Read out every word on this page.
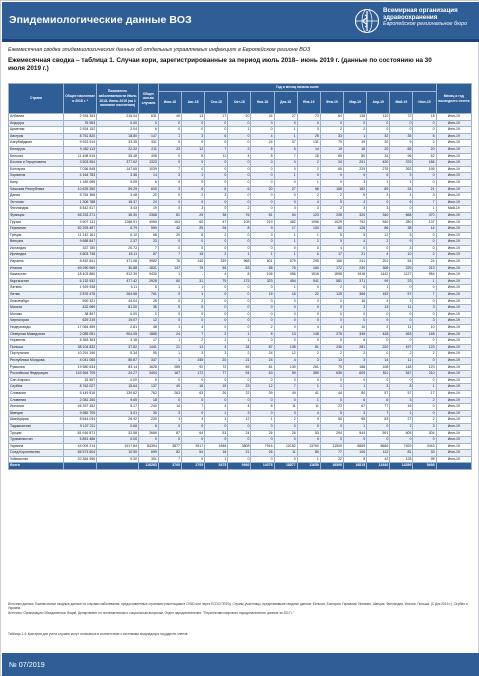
Эпидемиологические данные ВОЗ
Всемирная организация
здравоохранения
Европейское региональное бюро
Ежемесячная сводка эпидемиологических данных об отдельных управляемых инфекциях в Европейском регионе ВОЗ
Ежемесячная сводка – таблица 1. Случаи кори, зарегистрированные за период июль 2018– июнь 2019 г. (данные по состоянию на 30 июля 2019 г.)
Страна	Общее население в 2018 г. *	Показатель заболеваемости Июль 2018- Июнь 2019 (на 1 миллион населения)	Общее кол-во случаев	Год и месяц начала сыпи												Месяц и год последнего отчета
				Июл-18	Авг-18	Сен-18	Окт-18	Ноя-18	Дек-18	Янв-19	Фев-19	Мар-19	Апр-19	Май-19	Июн-19	
Албания	2 934 363	215.04	631	45	13	17	20	34	27	73	64	138	110	72	18	Июн-19
Андорра	76 953	0.00	0	0	0	0	0	0	0	0	0	0	0	0	0	Июн-19
Армения	2 934 152	2.04	6	0	0	0	1	0	1	0	2	2	0	0	0	Июн-19
Австрия	8 751 820	18.80	147	1	3	6	0	4	1	25	33	1	32	35	6	Июн-19
Азербайджан	9 923 914	33.35	331	0	0	0	0	24	47	131	79	19	20	9	2	Июн-19
Беларусь	9 452 113	22.32	211	23	12	7	2	5	5	14	19	18	20	66	20	Июн-19
Бельгия	11 498 519	35.48	408	0	5	11	4	8	7	18	65	80	34	96	62	Июн-19
Босния и Герцеговина	3 503 554	377.62	1323	0	0	0	0	0	0	2	34	291	430	376	186	Июн-19
Болгария	7 036 848	147.65	1039	7	0	0	0	0	0	2	65	229	278	263	195	Июн-19
Хорватия	4 164 783	3.36	14	3	1	0	0	0	1	0	0	0	6	3	0	Июн-19
Кипр	1 189 085	5.05	6	0	0	0	0	0	0	1	0	3	1	1	0	Июн-19
Чешская Республика	10 625 250	59.29	630	3	6	6	6	20	27	68	168	182	89	34	21	Июн-19
Дания	5 754 356	3.48	20	0	2	2	0	0	0	2	2	5	3	1	3	Июн-19
Эстония	1 306 788	18.37	24	0	0	0	0	0	0	4	5	2	0	6	7	Июн-19
Финляндия	5 542 517	3.43	19	0	3	0	2	0	3	3	2	3	3	0	1	Май-19
Франция	65 233 271	36.30	2368	81	29	38	76	81	54	123	208	320	340	568	470	Июн-19
Грузия	3 907 131	1268.91	4950	163	60	47	105	219	482	1096	1029	792	540	280	137	Июн-19
Германия	82 293 457	6.79	559	42	25	26	8	9	17	100	80	126	86	38	14	Июн-19
Греция	11 142 161	6.10	68	29	8	2	0	0	1	1	5	5	12	5	0	Июн-19
Венгрия	9 688 847	2.37	23	0	0	0	0	0	1	2	5	4	2	9	0	Июн-19
Исландия	337 780	20.72	7	0	0	0	0	0	0	0	4	0	0	3	0	Июн-19
Ирландия	4 803 748	18.11	87	7	15	2	1	1	1	6	17	21	4	10	2	Июн-19
Израиль	8 452 841	471.08	3982	76	140	339	968	601	579	295	166	241	201	54	24	Июн-19
Италия	59 290 969	30.88	1831	147	79	56	83	58	76	160	172	230	308	229	213	Июн-19
Казахстан	18 403 860	512.39	9430	1	-	4	8	106	456	1516	1898	1918	1442	1127	954	Июн-19
Кыргызстан	6 132 932	477.42	2928	60	31	75	173	323	454	541	581	371	99	23	1	Июн-19
Латвия	1 929 938	3.11	6	1	1	0	0	0	1	0	2	0	1	0	0	Июн-19
Литва	2 876 475	264.56	761	0	1	0	0	15	16	22	125	366	152	57	7	Июн-19
Люксембург	590 321	44.04	26	0	2	0	0	0	0	0	0	18	4	1	0	Июн-19
Мальта	432 089	81.00	35	5	0	0	0	0	0	0	0	3	13	11	3	Июн-19
Монако	38 897	0.00	0	0	0	0	0	0	0	0	0	0	0	0	0	Июн-19
Черногория	629 219	19.07	12	0	0	0	0	0	0	0	0	0	9	0	3	Июн-19
Нидерланды	17 084 459	2.81	48	1	4	0	0	2	0	4	4	10	2	11	10	Июн-19
Северная Македония	2 085 051	904.05	1885	24	7	2	1	5	13	148	275	336	428	463	165	Июн-19
Норвегия	5 353 363	3.18	17	1	2	2	1	0	0	0	5	6	0	0	0	Июн-19
Польша	38 104 832	37.82	1441	21	12	4	34	87	135	81	246	281	220	197	123	Июн-19
Португалия	10 291 196	5.34	55	1	3	3	2	24	12	2	2	2	0	2	2	Июн-19
Республика Молдова	4 041 065	85.87	347	1	245	20	21	24	4	3	13	3	14	11	0	Июн-19
Румыния	19 580 634	83.14	1628	285	92	72	65	81	130	261	75	188	108	148	123	Июн-19
Российская Федерация	143 964 709	24.27	3494	167	172	77	54	63	59	389	636	609	511	547	210	Июн-19
Сан-Марино	33 557	0.00	0	0	0	0	0	0	0	0	0	0	0	0	0	Июн-19
Сербия	8 762 027	15.64	137	49	16	15	23	12	7	1	1	1	3	8	1	Июн-19
Словакия	5 449 816	139.82	762	263	63	26	22	39	49	41	44	84	57	57	17	Июн-19
Словения	2 081 260	9.65	18	0	0	0	0	0	0	1	0	6	6	3	2	Июн-19
Испания	46 397 452	5.17	240	14	7	4	4	6	11	11	23	67	77	16	0	Июн-19
Швеция	9 982 709	3.01	30	3	0	1	3	0	3	4	5	3	7	1	0	Июн-19
Швейцария	8 544 034	26.92	230	1	4	1	12	1	2	9	50	65	53	27	2	Июн-19
Таджикистан	9 107 211	0.66	6	0	0	0	0	0	0	0	0	1	0	2	3	Июн-19
Турция	81 916 871	32.58	2669	87	64	53	24	26	26	53	294	544	591	605	304	Июн-19
Туркменистан	5 851 466	0.00	0	0	0	0	0	0	0	0	0	0	0	0	0	Июн-19
Украина	44 009 214	1917.84	84394	3877	2517	1848	3808	7916	10182	13760	11509	8869	8686	7929	3443	Июн-19
Соед.Королевство	66 573 504	10.50	699	82	54	16	21	26	11	80	77	106	112	81	33	Июн-19
Узбекистан	32 364 996	9.30	301	7	0	1	0	0	0	1	22	8	42	125	95	Июн-19
Всего			116263	3700	2795	5475	9940	14078	18877	11659	16590	16815	14440	14390	8698	
Источник данных: Ежемесячные сводные данные по случаям заболевания, предоставленные странами участницами в CISID или через ECDC/TESSy. Страны-участницы, представившие сводные данные: Бельгия, Болгария, Германия, Испания, Швеция, Финляндия, Италия, Польша. (С Дек 2019 г.), Сербия и Украина.
Источник: Организация Объединенных Наций, Департамент по экономическим и социальным вопросам, Отдел народонаселения. "Перспективы мирового народонаселения: данные за 2017 г."
Таблица 1-4: Критерии для учета случаев могут отличаться в соответствии с системами эпиднадзора государств-членов
№ 07/2019
